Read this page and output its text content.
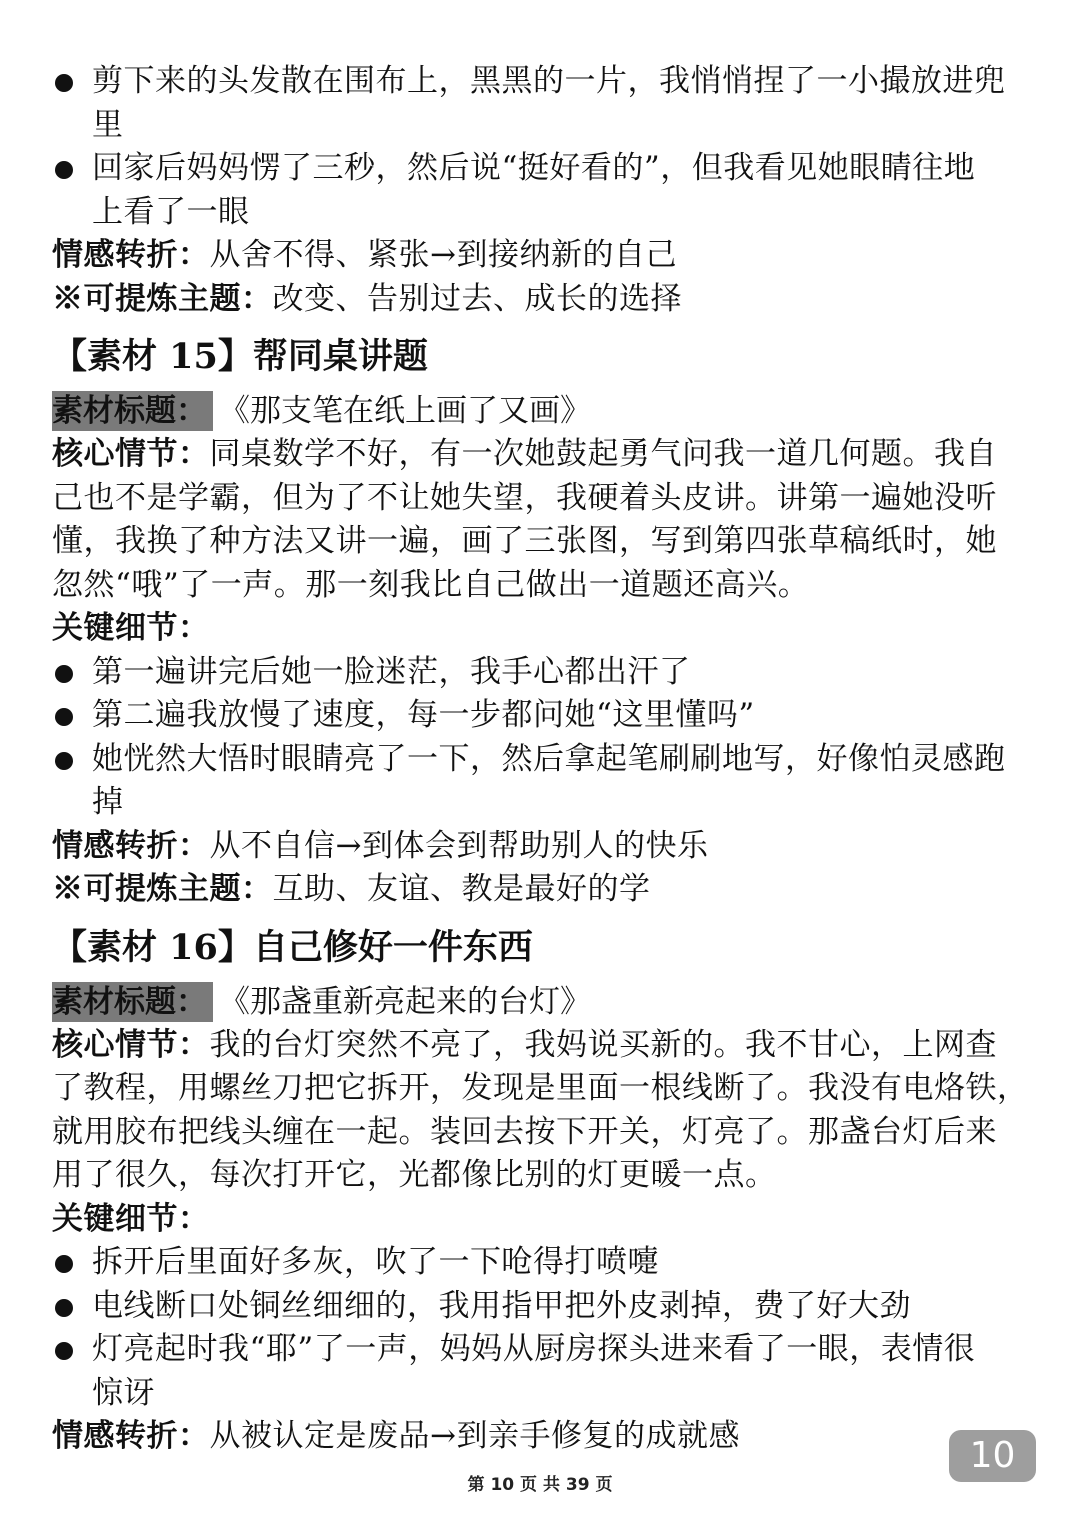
剪下来的头发散在围布上，黑黑的一片，我悄悄捏了一小撮放进兜
里
回家后妈妈愣了三秒，然后说“挺好看的”，但我看见她眼睛往地
上看了一眼
情感转折：从舍不得、紧张→到接纳新的自己
※可提炼主题：改变、告别过去、成长的选择
【素材 15】帮同桌讲题
素材标题： 《那支笔在纸上画了又画》
核心情节：同桌数学不好，有一次她鼓起勇气问我一道几何题。我自
己也不是学霸，但为了不让她失望，我硬着头皮讲。讲第一遍她没听
懂，我换了种方法又讲一遍，画了三张图，写到第四张草稿纸时，她
忽然“哦”了一声。那一刻我比自己做出一道题还高兴。
关键细节：
第一遍讲完后她一脸迷茫，我手心都出汗了
第二遍我放慢了速度，每一步都问她“这里懂吗”
她恍然大悟时眼睛亮了一下，然后拿起笔刷刷地写，好像怕灵感跑
掉
情感转折：从不自信→到体会到帮助别人的快乐
※可提炼主题：互助、友谊、教是最好的学
【素材 16】自己修好一件东西
素材标题： 《那盏重新亮起来的台灯》
核心情节：我的台灯突然不亮了，我妈说买新的。我不甘心，上网查
了教程，用螺丝刀把它拆开，发现是里面一根线断了。我没有电烙铁，
就用胶布把线头缠在一起。装回去按下开关，灯亮了。那盏台灯后来
用了很久，每次打开它，光都像比别的灯更暖一点。
关键细节：
拆开后里面好多灰，吹了一下呛得打喷嚏
电线断口处铜丝细细的，我用指甲把外皮剥掉，费了好大劲
灯亮起时我“耶”了一声，妈妈从厨房探头进来看了一眼，表情很
惊讶
情感转折：从被认定是废品→到亲手修复的成就感	10
第 10 页 共 39 页
